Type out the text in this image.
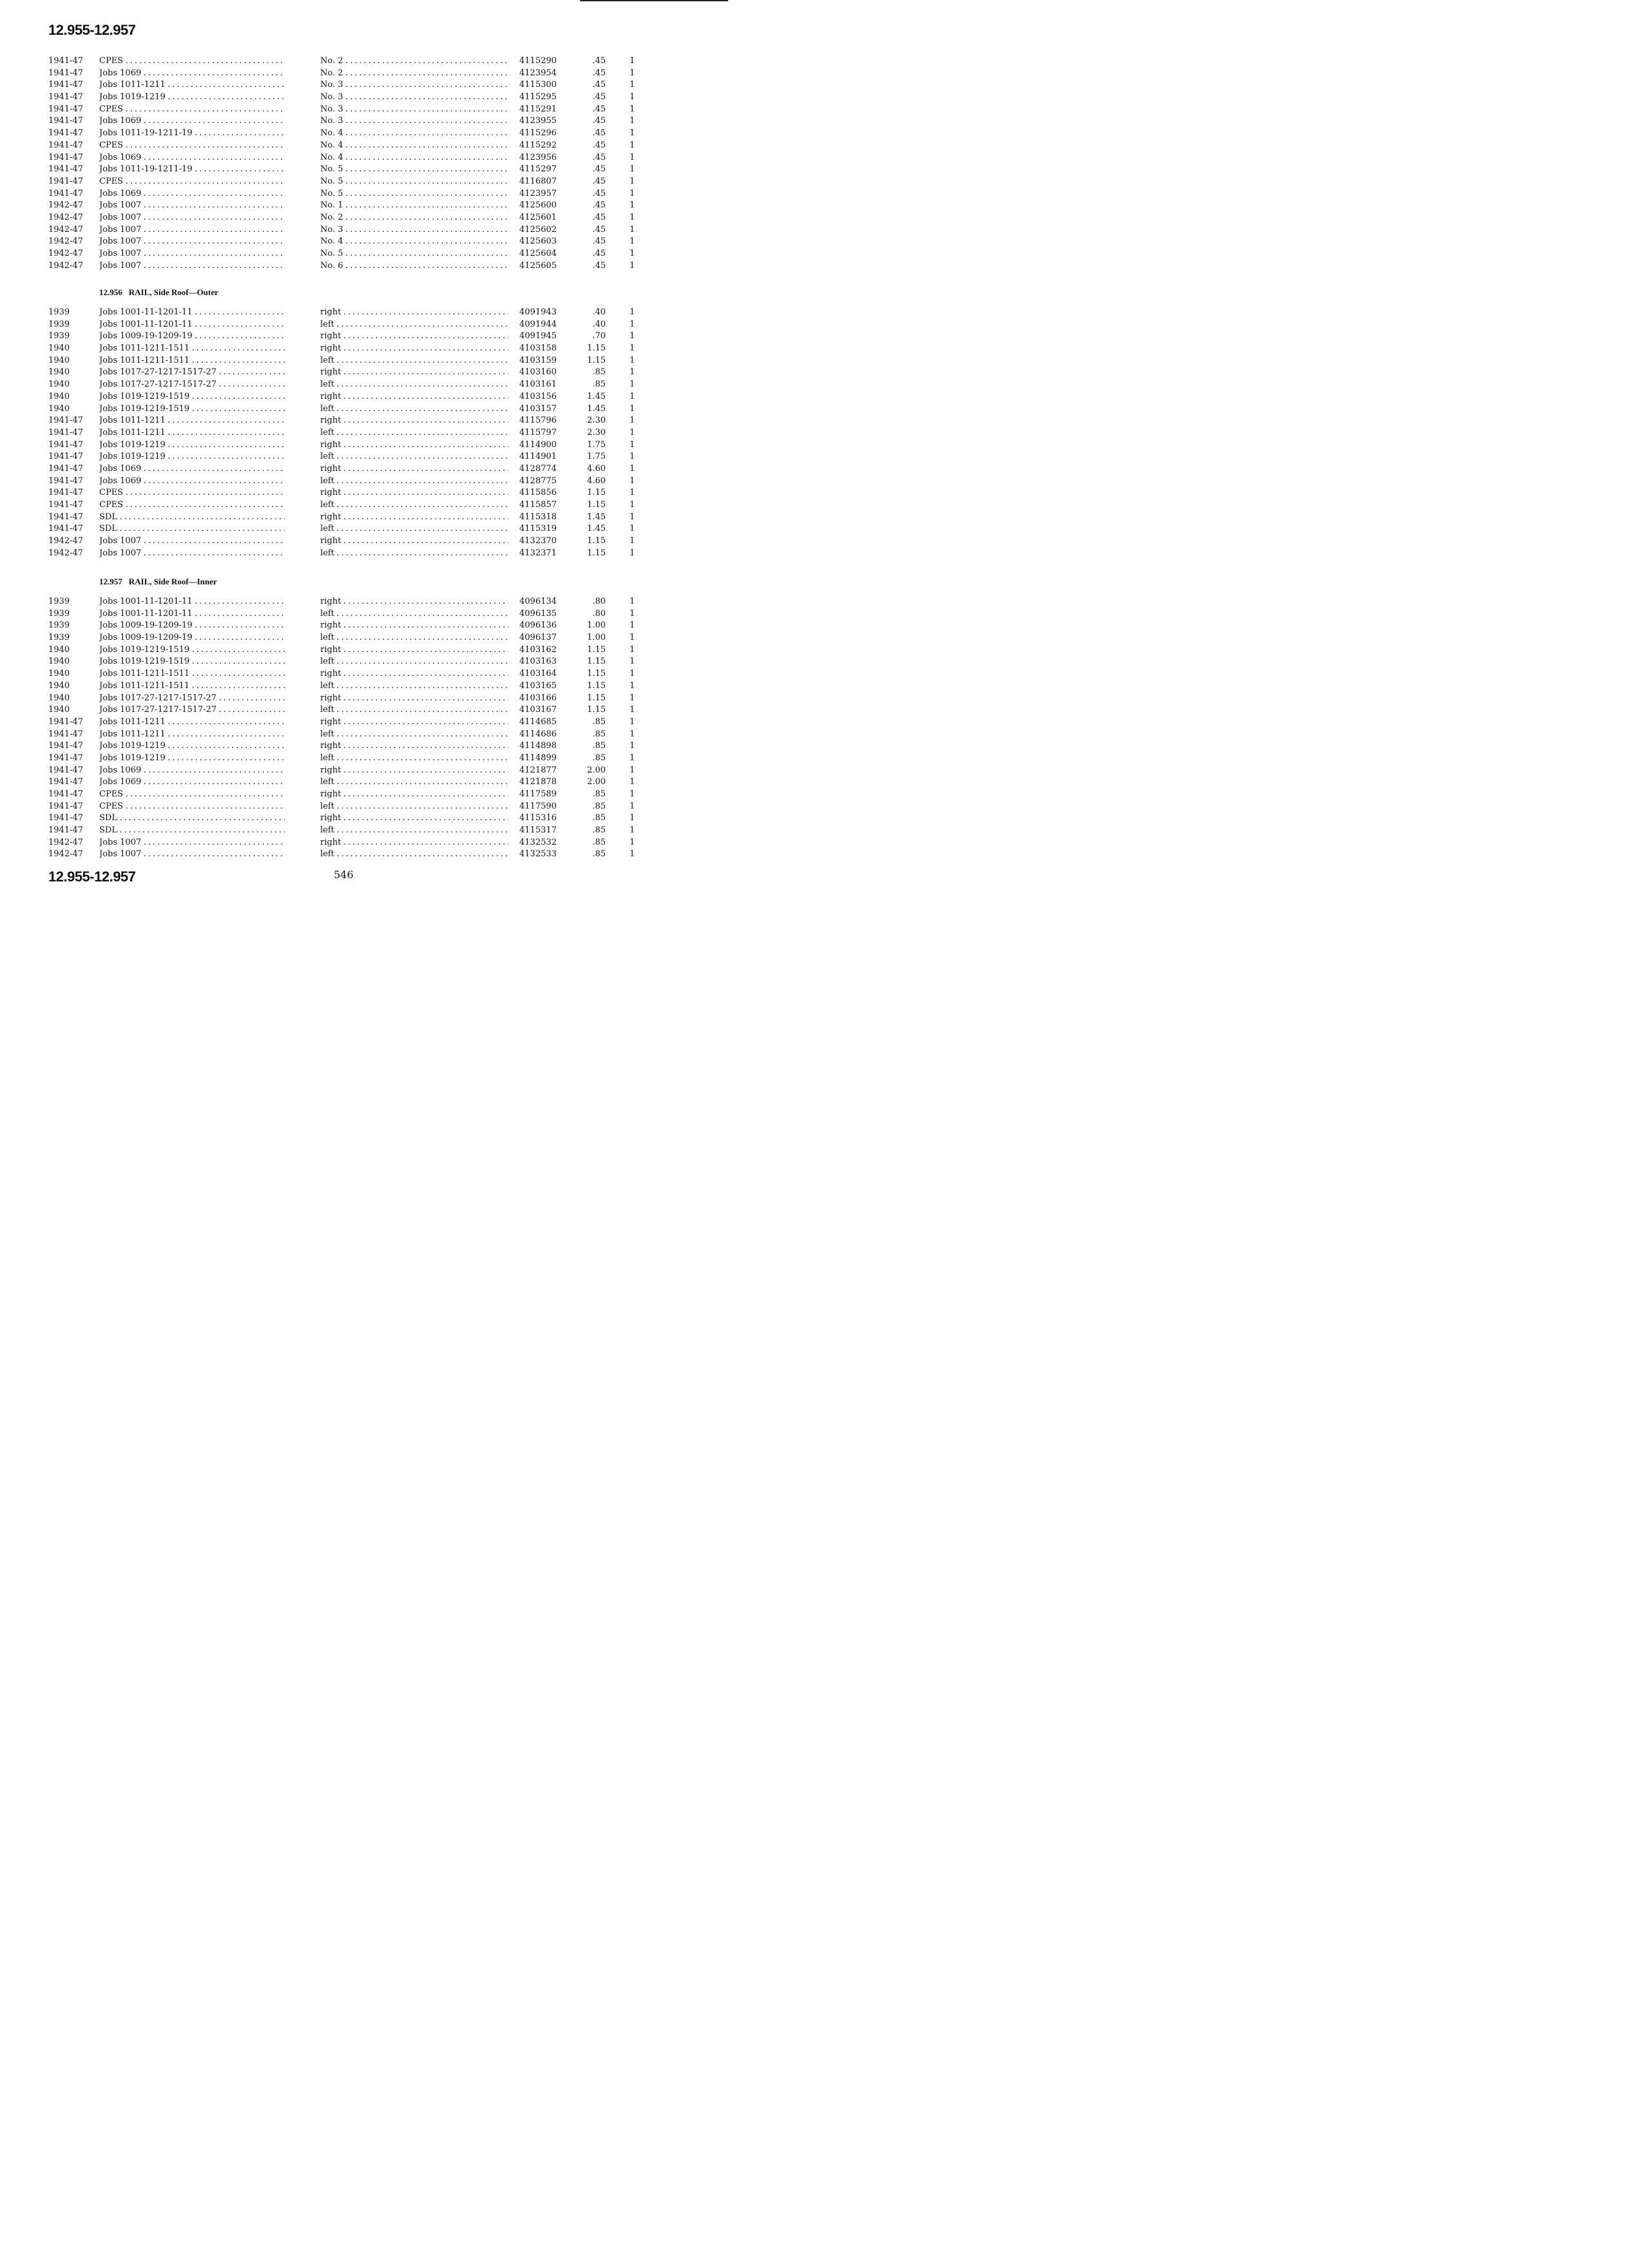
12.955-12.957
1941-47 CPES . . .	No. 2 . . .	4115290	.45	1
1941-47 Jobs 1069 . . .	No. 2 . . .	4123954	.45	1
1941-47 Jobs 1011-1211 . . .	No. 3 . . .	4115300	.45	1
1941-47 Jobs 1019-1219 . . .	No. 3 . . .	4115295	.45	1
1941-47 CPES . . .	No. 3 . . .	4115291	.45	1
1941-47 Jobs 1069 . . .	No. 3 . . .	4123955	.45	1
1941-47 Jobs 1011-19-1211-19 . . .	No. 4 . . .	4115296	.45	1
1941-47 CPES . . .	No. 4 . . .	4115292	.45	1
1941-47 Jobs 1069 . . .	No. 4 . . .	4123956	.45	1
1941-47 Jobs 1011-19-1211-19 . . .	No. 5 . . .	4115297	.45	1
1941-47 CPES . . .	No. 5 . . .	4116807	.45	1
1941-47 Jobs 1069 . . .	No. 5 . . .	4123957	.45	1
1942-47 Jobs 1007 . . .	No. 1 . . .	4125600	.45	1
1942-47 Jobs 1007 . . .	No. 2 . . .	4125601	.45	1
1942-47 Jobs 1007 . . .	No. 3 . . .	4125602	.45	1
1942-47 Jobs 1007 . . .	No. 4 . . .	4125603	.45	1
1942-47 Jobs 1007 . . .	No. 5 . . .	4125604	.45	1
1942-47 Jobs 1007 . . .	No. 6 . . .	4125605	.45	1
12.956 RAIL, Side Roof—Outer
1939	Jobs 1001-11-1201-11 . . .	right . . .	4091943	.40	1
1939	Jobs 1001-11-1201-11 . . .	left . . .	4091944	.40	1
1939	Jobs 1009-19-1209-19 . . .	right . . .	4091945	.70	1
1940	Jobs 1011-1211-1511 . . .	right . . .	4103158	1.15	1
1940	Jobs 1011-1211-1511 . . .	left . . .	4103159	1.15	1
1940	Jobs 1017-27-1217-1517-27 . . .	right . . .	4103160	.85	1
1940	Jobs 1017-27-1217-1517-27 . . .	left . . .	4103161	.85	1
1940	Jobs 1019-1219-1519 . . .	right . . .	4103156	1.45	1
1940	Jobs 1019-1219-1519 . . .	left . . .	4103157	1.45	1
1941-47 Jobs 1011-1211 . . .	right . . .	4115796	2.30	1
1941-47 Jobs 1011-1211 . . .	left . . .	4115797	2.30	1
1941-47 Jobs 1019-1219 . . .	right . . .	4114900	1.75	1
1941-47 Jobs 1019-1219 . . .	left . . .	4114901	1.75	1
1941-47 Jobs 1069 . . .	right . . .	4128774	4.60	1
1941-47 Jobs 1069 . . .	left . . .	4128775	4.60	1
1941-47 CPES . . .	right . . .	4115856	1.15	1
1941-47 CPES . . .	left . . .	4115857	1.15	1
1941-47 SDL . . .	right . . .	4115318	1.45	1
1941-47 SDL . . .	left . . .	4115319	1.45	1
1942-47 Jobs 1007 . . .	right . . .	4132370	1.15	1
1942-47 Jobs 1007 . . .	left . . .	4132371	1.15	1
12.957 RAIL, Side Roof—Inner
1939	Jobs 1001-11-1201-11 . . .	right . . .	4096134	.80	1
1939	Jobs 1001-11-1201-11 . . .	left . . .	4096135	.80	1
1939	Jobs 1009-19-1209-19 . . .	right . . .	4096136	1.00	1
1939	Jobs 1009-19-1209-19 . . .	left . . .	4096137	1.00	1
1940	Jobs 1019-1219-1519 . . .	right . . .	4103162	1.15	1
1940	Jobs 1019-1219-1519 . . .	left . . .	4103163	1.15	1
1940	Jobs 1011-1211-1511 . . .	right . . .	4103164	1.15	1
1940	Jobs 1011-1211-1511 . . .	left . . .	4103165	1.15	1
1940	Jobs 1017-27-1217-1517-27 . . .	right . . .	4103166	1.15	1
1940	Jobs 1017-27-1217-1517-27 . . .	left . . .	4103167	1.15	1
1941-47 Jobs 1011-1211 . . .	right . . .	4114685	.85	1
1941-47 Jobs 1011-1211 . . .	left . . .	4114686	.85	1
1941-47 Jobs 1019-1219 . . .	right . . .	4114898	.85	1
1941-47 Jobs 1019-1219 . . .	left . . .	4114899	.85	1
1941-47 Jobs 1069 . . .	right . . .	4121877	2.00	1
1941-47 Jobs 1069 . . .	left . . .	4121878	2.00	1
1941-47 CPES . . .	right . . .	4117589	.85	1
1941-47 CPES . . .	left . . .	4117590	.85	1
1941-47 SDL . . .	right . . .	4115316	.85	1
1941-47 SDL . . .	left . . .	4115317	.85	1
1942-47 Jobs 1007 . . .	right . . .	4132532	.85	1
1942-47 Jobs 1007 . . .	left . . .	4132533	.85	1
12.955-12.957	546
